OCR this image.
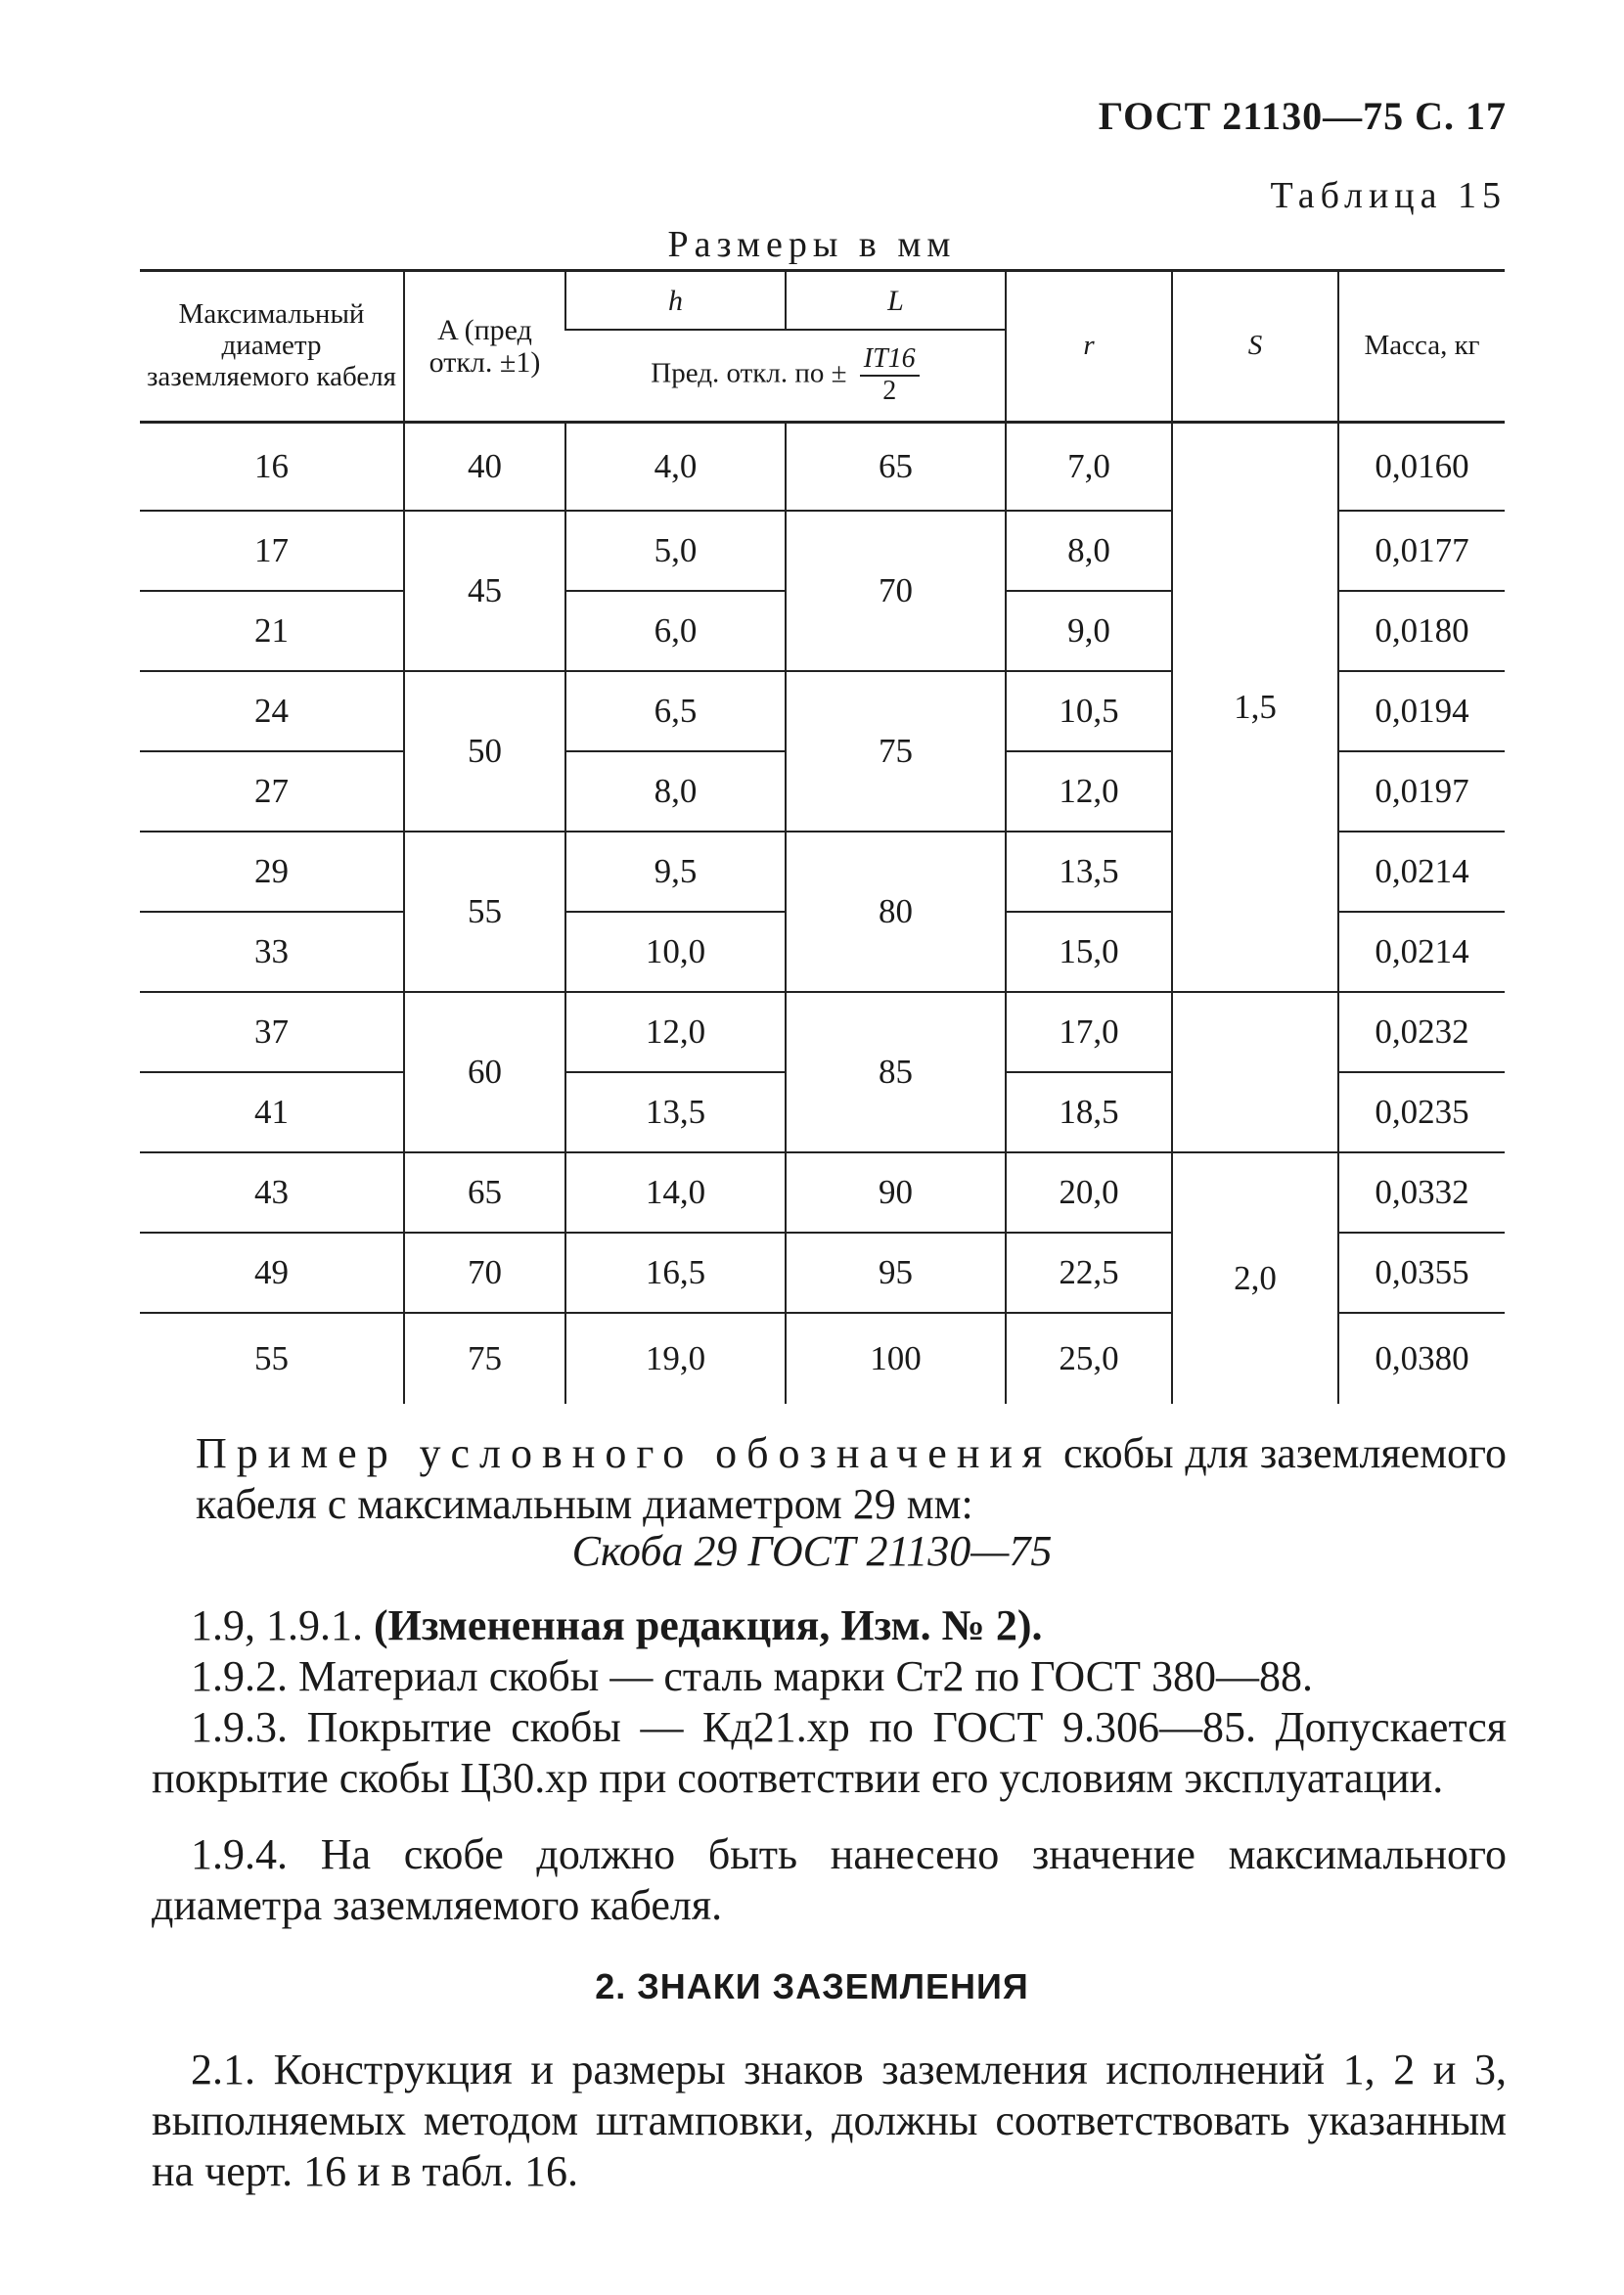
ГОСТ 21130—75 С. 17
Таблица 15
Размеры в мм
Максимальный диаметр заземляемого кабеля	A (пред откл. ±1)	h	L	r	S	Масса, кг
		Пред. откл. по ± $\frac{IT16}{2}$

16	40	4,0	65	7,0	1,5	0,0160
17	45	5,0	70	8,0		0,0177
21		6,0		9,0		0,0180
24	50	6,5	75	10,5		0,0194
27		8,0		12,0		0,0197
29	55	9,5	80	13,5		0,0214
33		10,0		15,0		0,0214
37	60	12,0	85	17,0		0,0232
41		13,5		18,5		0,0235
43	65	14,0	90	20,0	2,0	0,0332
49	70	16,5	95	22,5		0,0355
55	75	19,0	100	25,0		0,0380
Пример условного обозначения скобы для заземляемого кабеля с максимальным диаметром 29 мм:
Скоба 29 ГОСТ 21130—75
1.9, 1.9.1. (Измененная редакция, Изм. № 2).
1.9.2. Материал скобы — сталь марки Ст2 по ГОСТ 380—88.
1.9.3. Покрытие скобы — Кд21.хр по ГОСТ 9.306—85. Допускается покрытие скобы Ц30.хр при соответствии его условиям эксплуатации.
1.9.4. На скобе должно быть нанесено значение максимального диаметра заземляемого кабеля.
2. ЗНАКИ ЗАЗЕМЛЕНИЯ
2.1. Конструкция и размеры знаков заземления исполнений 1, 2 и 3, выполняемых методом штамповки, должны соответствовать указанным на черт. 16 и в табл. 16.
